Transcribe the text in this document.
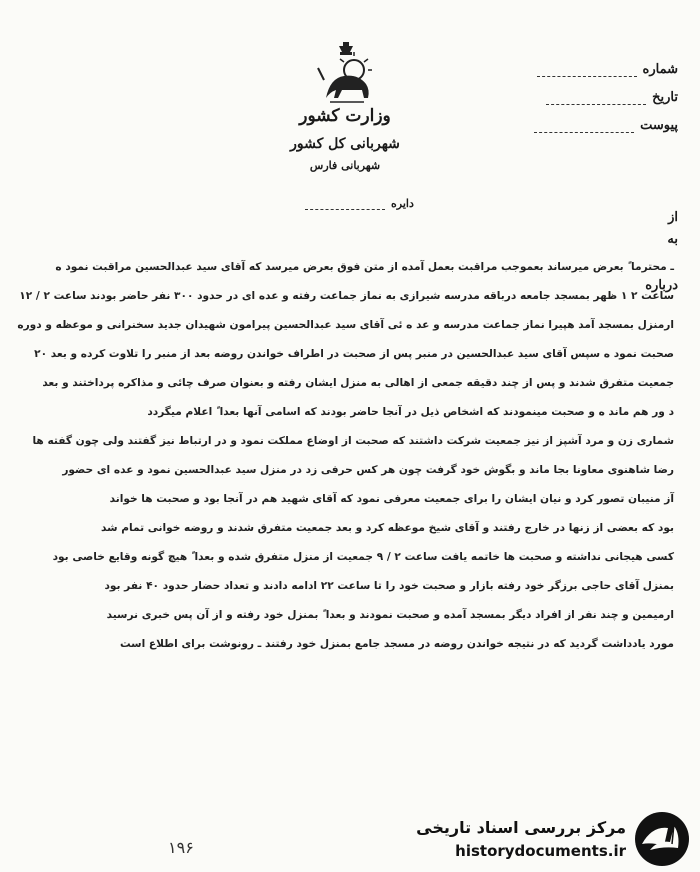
وزارت کشور
شهربانی کل کشور
شهربانی فارس
شماره
تاریخ
پیوست
دایره
از
به
درباره
ـ محترما ً بعرض میرساند بعموجب مراقبت بعمل آمده از متن فوق بعرض میرسد که آقای سید عبدالحسین مراقبت نمود ه
ساعت ۲ ۱ ظهر بمسجد جامعه درباقه مدرسه شیرازی به نماز جماعت رفته و عده ای در حدود ۳۰۰ نفر حاضر بودند ساعت ۲ / ۱۲
ارمنزل بمسجد آمد هپیرا نماز جماعت مدرسه و عد ه ئی آقای سید عبدالحسین پیرامون شهیدان جدید سخنرانی و موعظه و دوره
صحبت نمود ه سپس آقای سید عبدالحسین در منبر پس از صحبت در اطراف خواندن روضه بعد از منبر را تلاوت کرده و بعد ۲۰
جمعیت متفرق شدند و پس از چند دقیقه جمعی از اهالی به منزل ایشان رفته و بعنوان صرف چائی و مذاکره پرداختند و بعد
د ور هم ماند ه و صحبت مینمودند که اشخاص ذیل در آنجا حاضر بودند که اسامی آنها بعدا ً اعلام میگردد
شماری زن و مرد آشپز از نیز جمعیت شرکت داشتند که صحبت از اوضاع مملکت نمود و در ارتباط نیز گفتند ولی چون گفته ها
رضا شاهنوی معاونا بجا ماند و بگوش خود گرفت چون هر کس حرفی زد در منزل سید عبدالحسین نمود و عده ای حضور
آز منیبان تصور کرد و نیان ایشان را برای جمعیت معرفی نمود که آقای شهید هم در آنجا بود و صحبت ها خواند
بود که بعضی از زنها در خارج رفتند و آقای شیخ موعظه کرد و بعد جمعیت متفرق شدند و روضه خوانی تمام شد
کسی هیجانی نداشته و صحبت ها خاتمه یافت ساعت ۲ / ۹ جمعیت از منزل متفرق شده و بعدا ً هیچ گونه وقایع خاصی بود
بمنزل آقای حاجی برزگر خود رفته بازار و صحبت خود را تا ساعت ۲۲ ادامه دادند و تعداد حضار حدود ۴۰ نفر بود
ارمیمین و چند نفر از افراد دیگر بمسجد آمده و صحبت نمودند و بعدا ً بمنزل خود رفته و از آن پس خبری نرسید
مورد یادداشت گردید که در نتیجه خواندن روضه در مسجد جامع بمنزل خود رفتند ـ رونوشت برای اطلاع است
۱۹۶
مرکز بررسی اسناد تاریخی
historydocuments.ir
